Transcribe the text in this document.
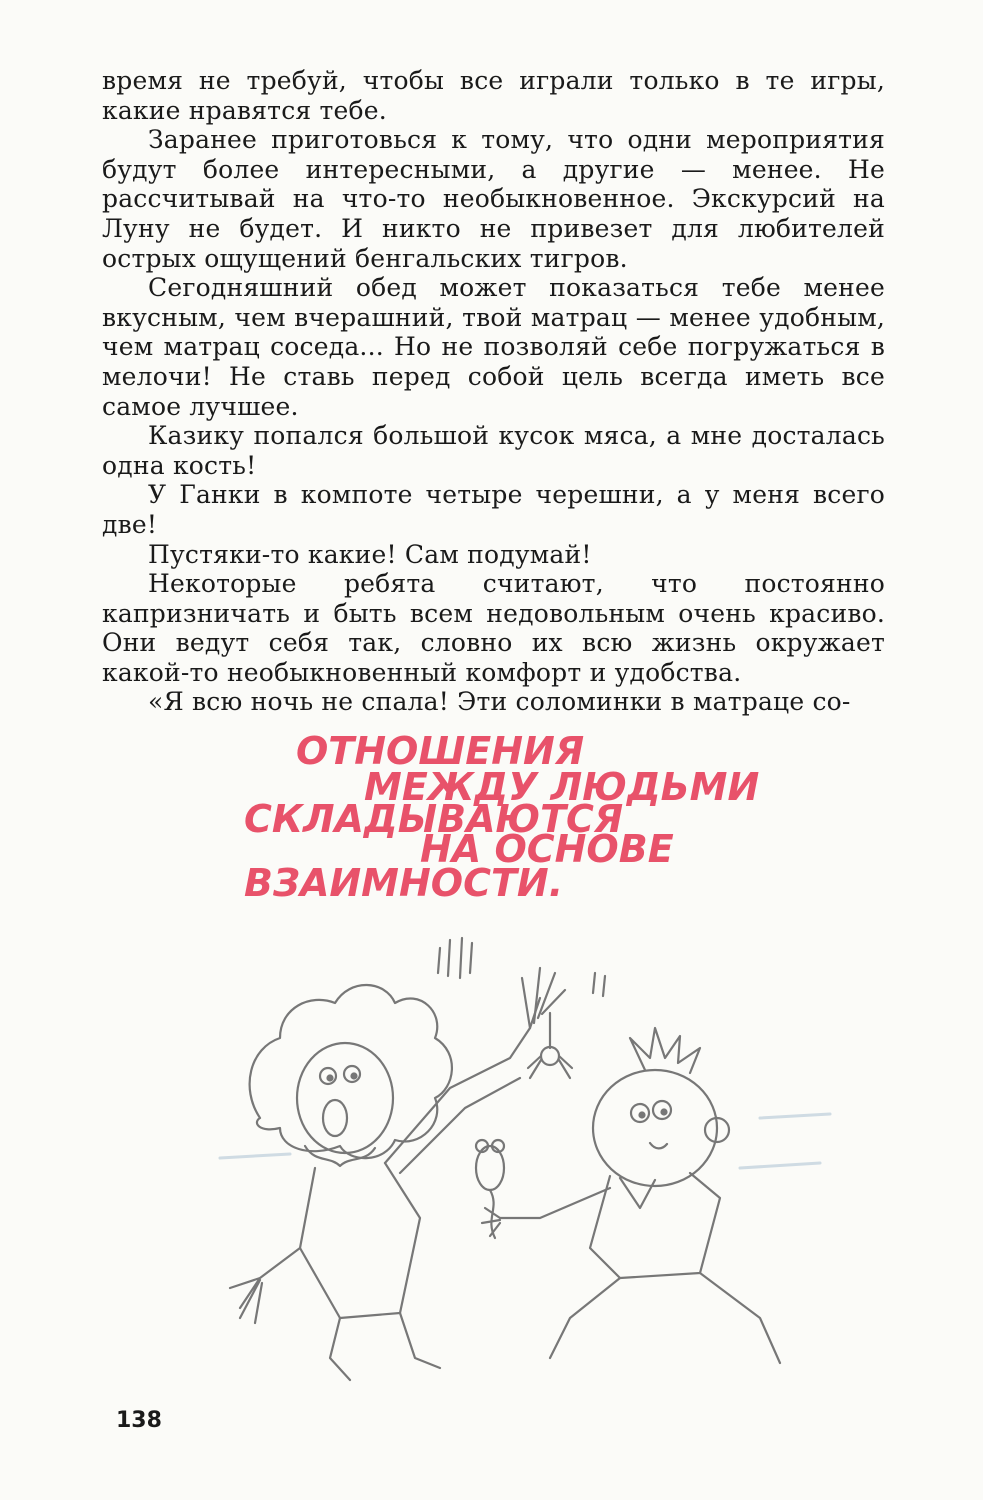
время не требуй, чтобы все играли только в те игры, какие нравятся тебе.

Заранее приготовься к тому, что одни мероприятия будут более интересными, а другие — менее. Не рассчитывай на что-то необыкновенное. Экскурсий на Луну не будет. И никто не привезет для любителей острых ощущений бенгальских тигров.

Сегодняшний обед может показаться тебе менее вкусным, чем вчерашний, твой матрац — менее удобным, чем матрац соседа... Но не позволяй себе погружаться в мелочи! Не ставь перед собой цель всегда иметь все самое лучшее.

Казику попался большой кусок мяса, а мне досталась одна кость!

У Ганки в компоте четыре черешни, а у меня всего две!

Пустяки-то какие! Сам подумай!

Некоторые ребята считают, что постоянно капризничать и быть всем недовольным очень красиво. Они ведут себя так, словно их всю жизнь окружает какой-то необыкновенный комфорт и удобства.

«Я всю ночь не спала! Эти соломинки в матраце со-

ОТНОШЕНИЯ
МЕЖДУ ЛЮДЬМИ
СКЛАДЫВАЮТСЯ
НА ОСНОВЕ
ВЗАИМНОСТИ.
138
